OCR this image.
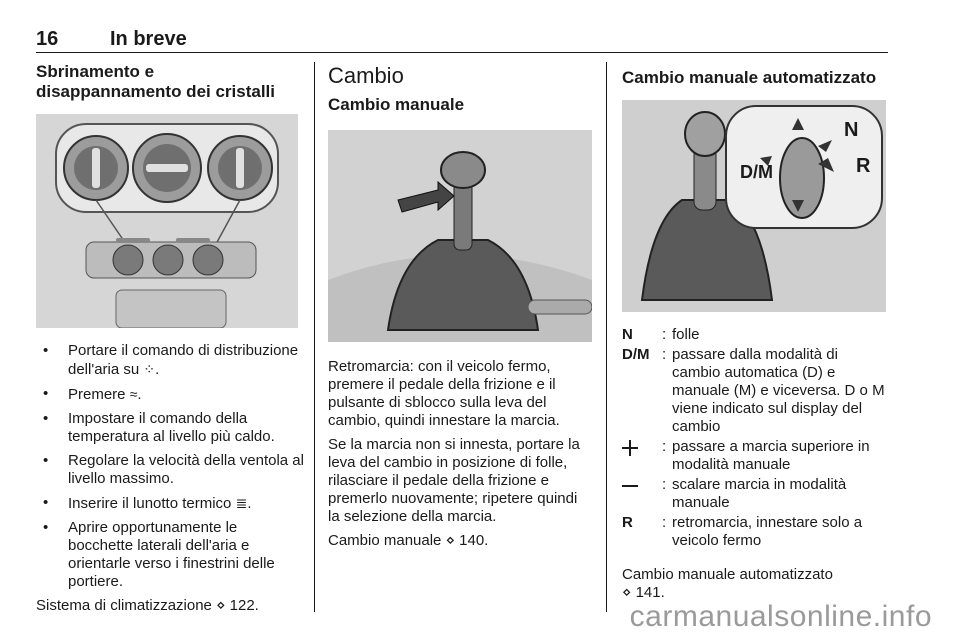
16	In breve
Sbrinamento e disappannamento dei cristalli
• Portare il comando di distribuzione dell'aria su ⁘.
• Premere ≈.
• Impostare il comando della temperatura al livello più caldo.
• Regolare la velocità della ventola al livello massimo.
• Inserire il lunotto termico ≣.
• Aprire opportunamente le bocchette laterali dell'aria e orientarle verso i finestrini delle portiere.

Sistema di climatizzazione ⋄ 122.

Cambio
Cambio manuale

Retromarcia: con il veicolo fermo, premere il pedale della frizione e il pulsante di sblocco sulla leva del cambio, quindi innestare la marcia.

Se la marcia non si innesta, portare la leva del cambio in posizione di folle, rilasciare il pedale della frizione e premerlo nuovamente; ripetere quindi la selezione della marcia.

Cambio manuale ⋄ 140.

Cambio manuale automatizzato
D/M
N
R
N	: folle
D/M : passare dalla modalità di cambio automatica (D) e manuale (M) e viceversa. D o M viene indicato sul display del cambio
: passare a marcia superiore in modalità manuale
: scalare marcia in modalità manuale
R	: retromarcia, innestare solo a veicolo fermo

Cambio manuale automatizzato
⋄ 141.

carmanualsonline.info
